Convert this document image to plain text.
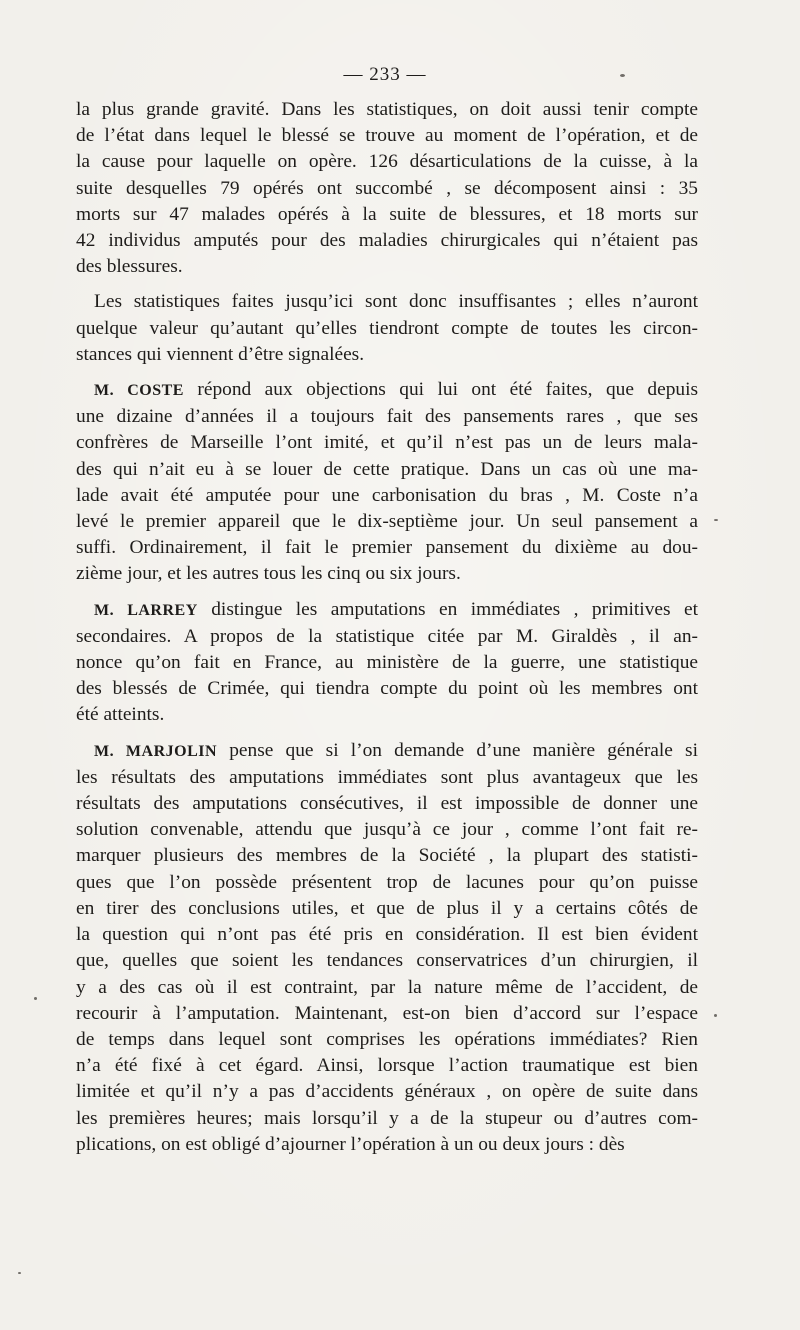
— 233 —
la plus grande gravité. Dans les statistiques, on doit aussi tenir compte
de l’état dans lequel le blessé se trouve au moment de l’opération, et de
la cause pour laquelle on opère. 126 désarticulations de la cuisse, à la
suite desquelles 79 opérés ont succombé , se décomposent ainsi : 35
morts sur 47 malades opérés à la suite de blessures, et 18 morts sur
42 individus amputés pour des maladies chirurgicales qui n’étaient pas
des blessures.
Les statistiques faites jusqu’ici sont donc insuffisantes ; elles n’auront
quelque valeur qu’autant qu’elles tiendront compte de toutes les circon-
stances qui viennent d’être signalées.
M. COSTE répond aux objections qui lui ont été faites, que depuis
une dizaine d’années il a toujours fait des pansements rares , que ses
confrères de Marseille l’ont imité, et qu’il n’est pas un de leurs mala-
des qui n’ait eu à se louer de cette pratique. Dans un cas où une ma-
lade avait été amputée pour une carbonisation du bras , M. Coste n’a
levé le premier appareil que le dix-septième jour. Un seul pansement a
suffi. Ordinairement, il fait le premier pansement du dixième au dou-
zième jour, et les autres tous les cinq ou six jours.
M. LARREY distingue les amputations en immédiates , primitives et
secondaires. A propos de la statistique citée par M. Giraldès , il an-
nonce qu’on fait en France, au ministère de la guerre, une statistique
des blessés de Crimée, qui tiendra compte du point où les membres ont
été atteints.
M. MARJOLIN pense que si l’on demande d’une manière générale si
les résultats des amputations immédiates sont plus avantageux que les
résultats des amputations consécutives, il est impossible de donner une
solution convenable, attendu que jusqu’à ce jour , comme l’ont fait re-
marquer plusieurs des membres de la Société , la plupart des statisti-
ques que l’on possède présentent trop de lacunes pour qu’on puisse
en tirer des conclusions utiles, et que de plus il y a certains côtés de
la question qui n’ont pas été pris en considération. Il est bien évident
que, quelles que soient les tendances conservatrices d’un chirurgien, il
y a des cas où il est contraint, par la nature même de l’accident, de
recourir à l’amputation. Maintenant, est-on bien d’accord sur l’espace
de temps dans lequel sont comprises les opérations immédiates? Rien
n’a été fixé à cet égard. Ainsi, lorsque l’action traumatique est bien
limitée et qu’il n’y a pas d’accidents généraux , on opère de suite dans
les premières heures; mais lorsqu’il y a de la stupeur ou d’autres com-
plications, on est obligé d’ajourner l’opération à un ou deux jours : dès
